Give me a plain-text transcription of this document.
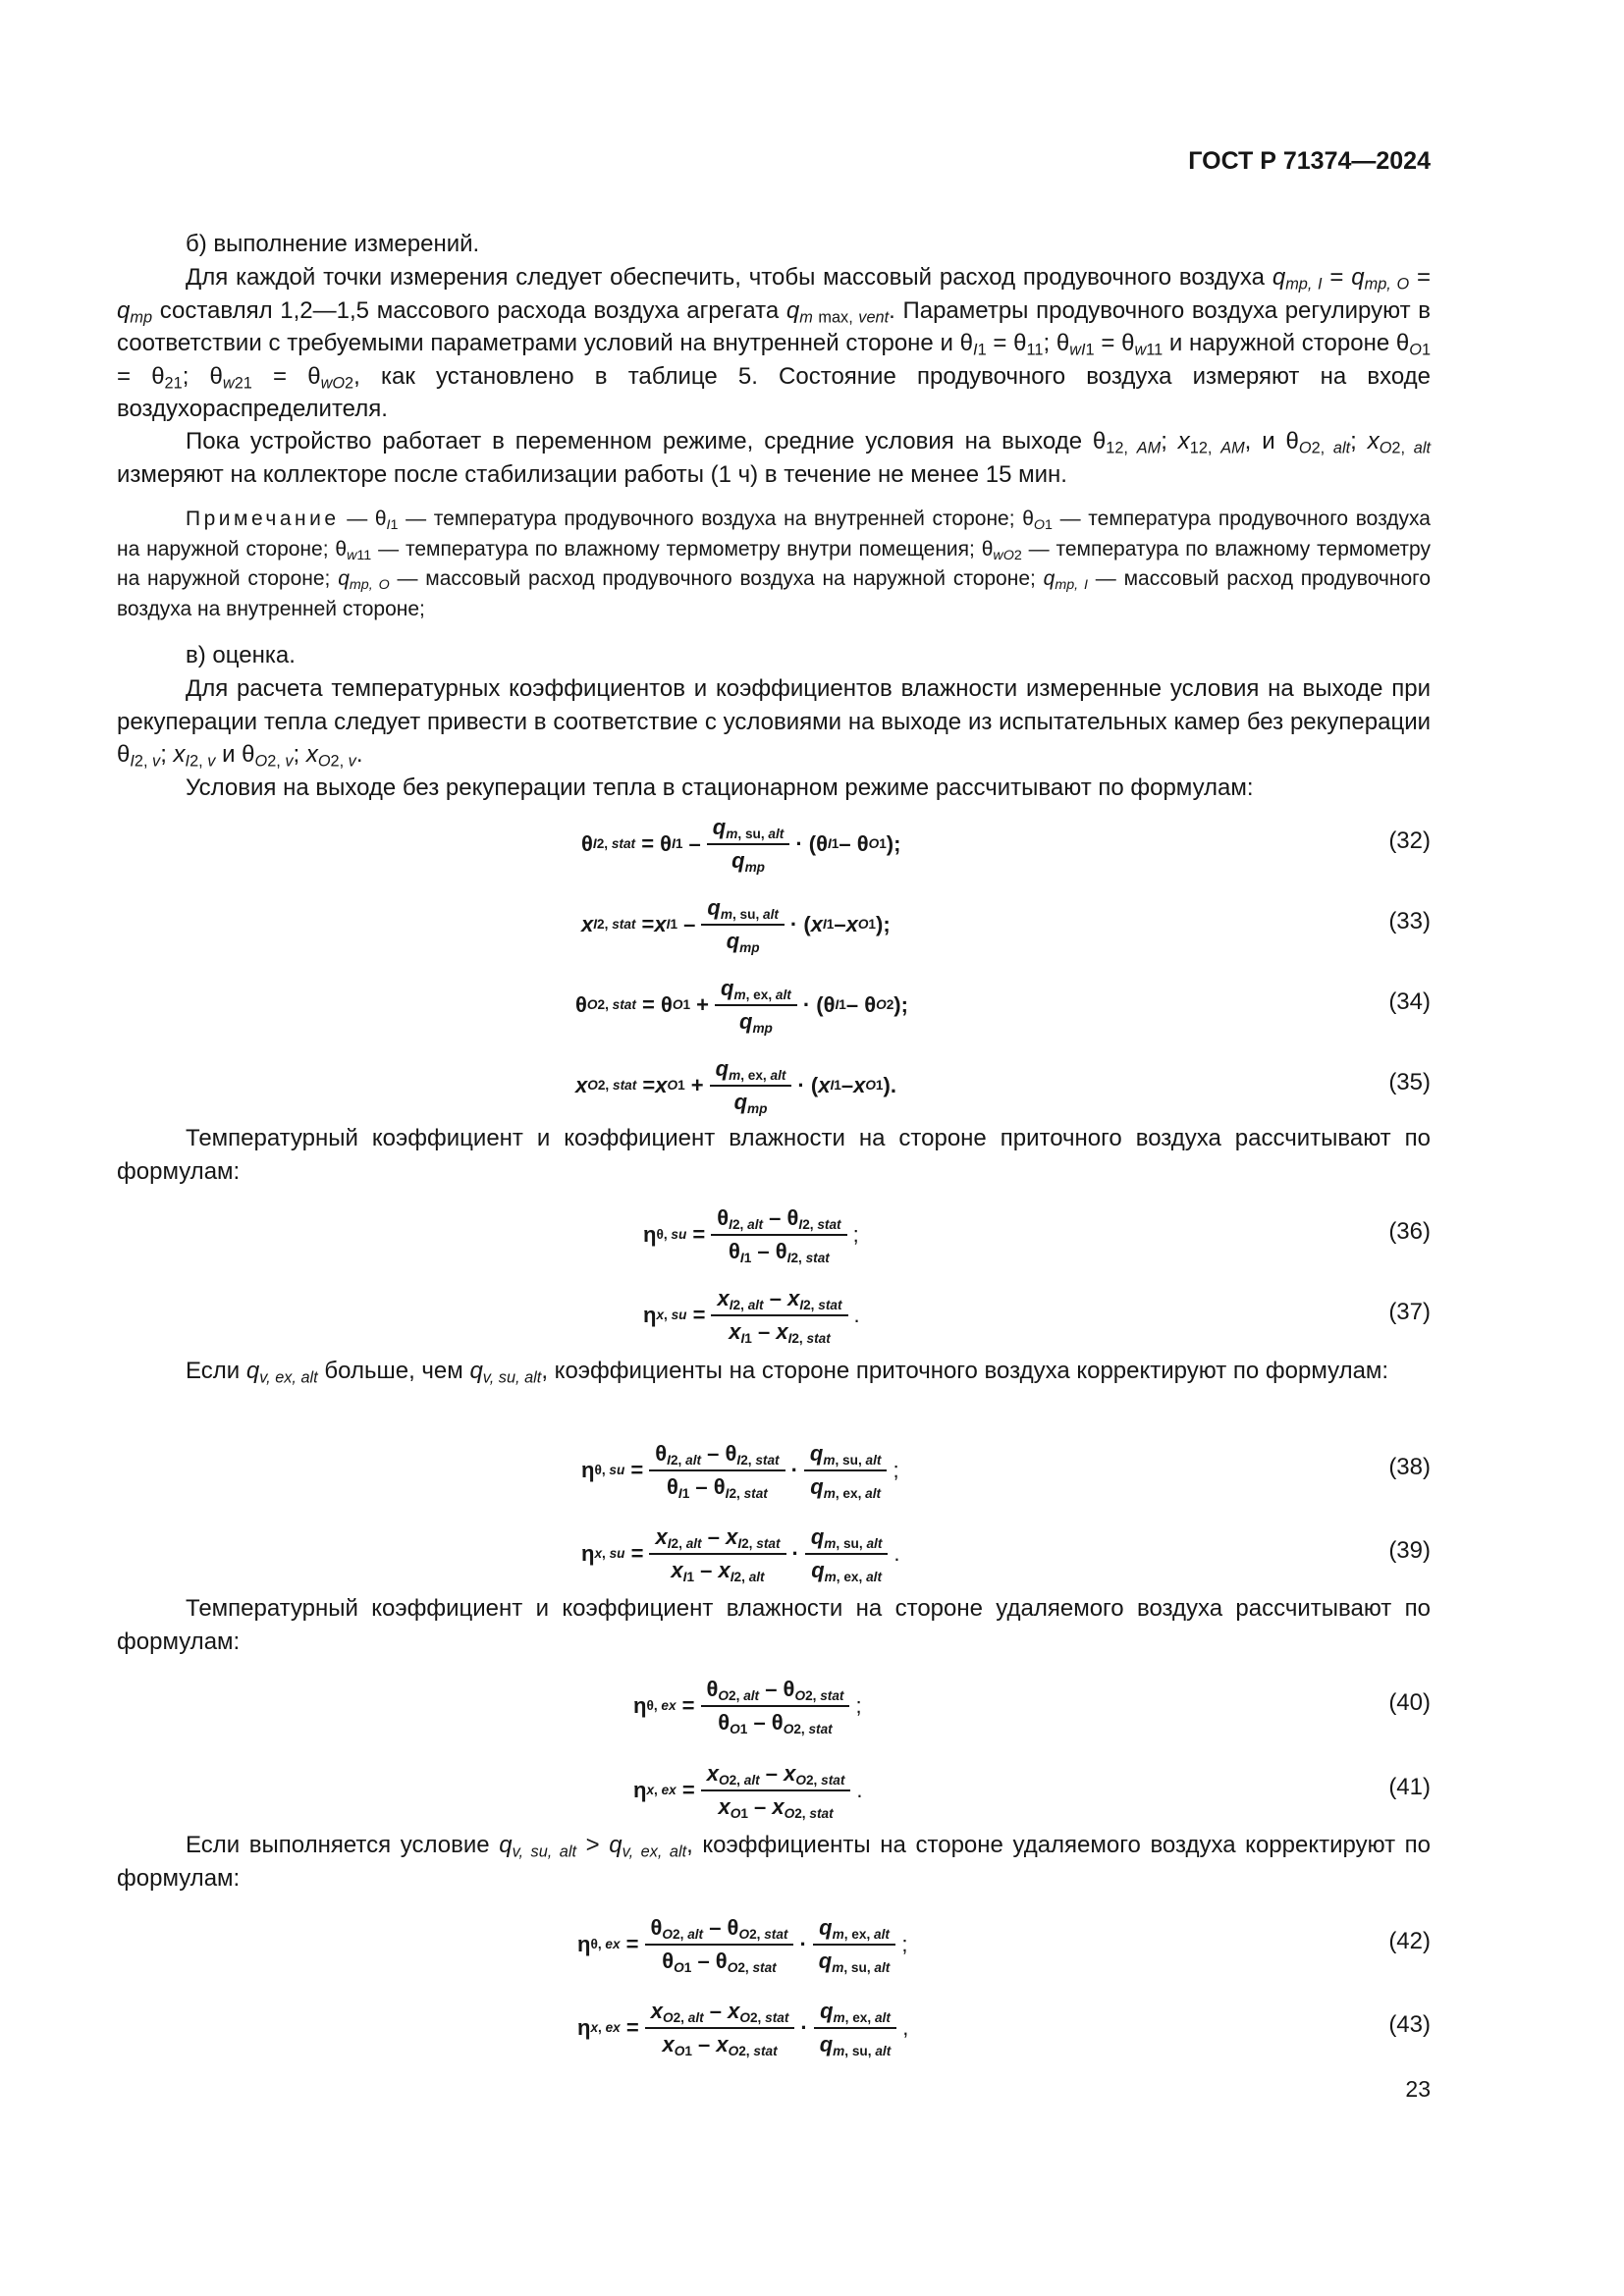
ГОСТ Р 71374—2024
б) выполнение измерений.
Для каждой точки измерения следует обеспечить, чтобы массовый расход продувочного воздуха $q_{mp, I} = q_{mp, O} = q_{mp}$ составлял 1,2—1,5 массового расхода воздуха агрегата $q_{m max, vent}$. Параметры продувочного воздуха регулируют в соответствии с требуемыми параметрами условий на внутренней стороне и $\theta_{I1} = \theta_{11}$; $\theta_{wI1} = \theta_{w11}$ и наружной стороне $\theta_{O1} = \theta_{21}$; $\theta_{w21} = \theta_{wO2}$, как установлено в таблице 5. Состояние продувочного воздуха измеряют на входе воздухораспределителя.
Пока устройство работает в переменном режиме, средние условия на выходе $\theta_{12, AM}$; $x_{12, AM}$, и $\theta_{O2, alt}$; $x_{O2, alt}$ измеряют на коллекторе после стабилизации работы (1 ч) в течение не менее 15 мин.
Примечание — $\theta_{I1}$ — температура продувочного воздуха на внутренней стороне; $\theta_{O1}$ — температура продувочного воздуха на наружной стороне; $\theta_{w11}$ — температура по влажному термометру внутри помещения; $\theta_{wO2}$ — температура по влажному термометру на наружной стороне; $q_{mp, O}$ — массовый расход продувочного воздуха на наружной стороне; $q_{mp, I}$ — массовый расход продувочного воздуха на внутренней стороне;
в) оценка.
Для расчета температурных коэффициентов и коэффициентов влажности измеренные условия на выходе при рекуперации тепла следует привести в соответствие с условиями на выходе из испытательных камер без рекуперации $\theta_{I2, v}$; $x_{I2, v}$ и $\theta_{O2, v}$; $x_{O2, v}$.
Условия на выходе без рекуперации тепла в стационарном режиме рассчитывают по формулам:
θ I2, stat = θ $I1 - \frac{q_{m, su, alt}}{q_{mp}} \cdot (\theta$ I1 – θ O1 );	(32)
x I2, stat = x $I1 - \frac{q_{m, su, alt}}{q_{mp}}$ · ( x I1 – x O1 );	(33)
θ O2, stat = θ $O1 + \frac{q_{m, ex, alt}}{q_{mp}} \cdot (\theta$ I1 – θ O2 );	(34)
x O2, stat = x $O1 + \frac{q_{m, ex, alt}}{q_{mp}}$ · ( x I1 – x O1 ).	(35)
Температурный коэффициент и коэффициент влажности на стороне приточного воздуха рассчитывают по формулам:
η θ, su = $\frac{\theta_{I2, alt} - \theta_{I2, stat}}{\theta_{I1} - \theta_{I2, stat}}$ ;	(36)
η x, su = $\frac{x_{I2, alt} - x_{I2, stat}}{x_{I1} - x_{I2, stat}}$ .	(37)
Если $q_{v, ex, alt}$ больше, чем $q_{v, su, alt}$, коэффициенты на стороне приточного воздуха корректируют по формулам:
η θ, su = $\frac{\theta_{I2, alt} - \theta_{I2, stat}}{\theta_{I1} - \theta_{I2, stat}} \cdot \frac{q_{m, su, alt}}{q_{m, ex, alt}}$ ;	(38)
η x, su = $\frac{x_{I2, alt} - x_{I2, stat}}{x_{I1} - x_{I2, alt}} \cdot \frac{q_{m, su, alt}}{q_{m, ex, alt}}$ .	(39)
Температурный коэффициент и коэффициент влажности на стороне удаляемого воздуха рассчитывают по формулам:
η θ, ex = $\frac{\theta_{O2, alt} - \theta_{O2, stat}}{\theta_{O1} - \theta_{O2, stat}}$ ;	(40)
η x, ex = $\frac{x_{O2, alt} - x_{O2, stat}}{x_{O1} - x_{O2, stat}}$ .	(41)
Если выполняется условие $q_{v, su, alt} > q_{v, ex, alt}$, коэффициенты на стороне удаляемого воздуха корректируют по формулам:
η θ, ex = $\frac{\theta_{O2, alt} - \theta_{O2, stat}}{\theta_{O1} - \theta_{O2, stat}} \cdot \frac{q_{m, ex, alt}}{q_{m, su, alt}}$ ;	(42)
η x, ex = $\frac{x_{O2, alt} - x_{O2, stat}}{x_{O1} - x_{O2, stat}} \cdot \frac{q_{m, ex, alt}}{q_{m, su, alt}}$ ,	(43)
23
